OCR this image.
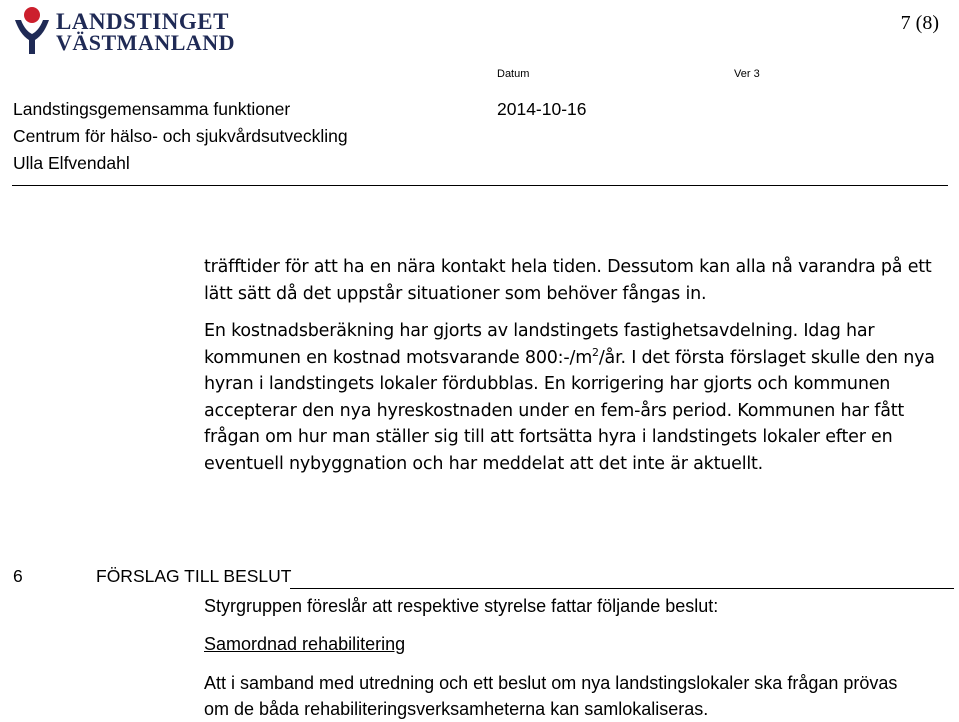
LANDSTINGET
VÄSTMANLAND
7 (8)
Datum	Ver 3
Landstingsgemensamma funktioner
Centrum för hälso- och sjukvårdsutveckling
Ulla Elfvendahl
2014-10-16

träfftider för att ha en nära kontakt hela tiden. Dessutom kan alla nå varandra på ett lätt sätt då det uppstår situationer som behöver fångas in.

En kostnadsberäkning har gjorts av landstingets fastighetsavdelning. Idag har kommunen en kostnad motsvarande $800:-/m^2/år$. I det första förslaget skulle den nya hyran i landstingets lokaler fördubblas. En korrigering har gjorts och kommunen accepterar den nya hyreskostnaden under en fem-års period. Kommunen har fått frågan om hur man ställer sig till att fortsätta hyra i landstingets lokaler efter en eventuell nybyggnation och har meddelat att det inte är aktuellt.

6	FÖRSLAG TILL BESLUT
Styrgruppen föreslår att respektive styrelse fattar följande beslut:
Samordnad rehabilitering
Att i samband med utredning och ett beslut om nya landstingslokaler ska frågan prövas
om de båda rehabiliteringsverksamheterna kan samlokaliseras.
